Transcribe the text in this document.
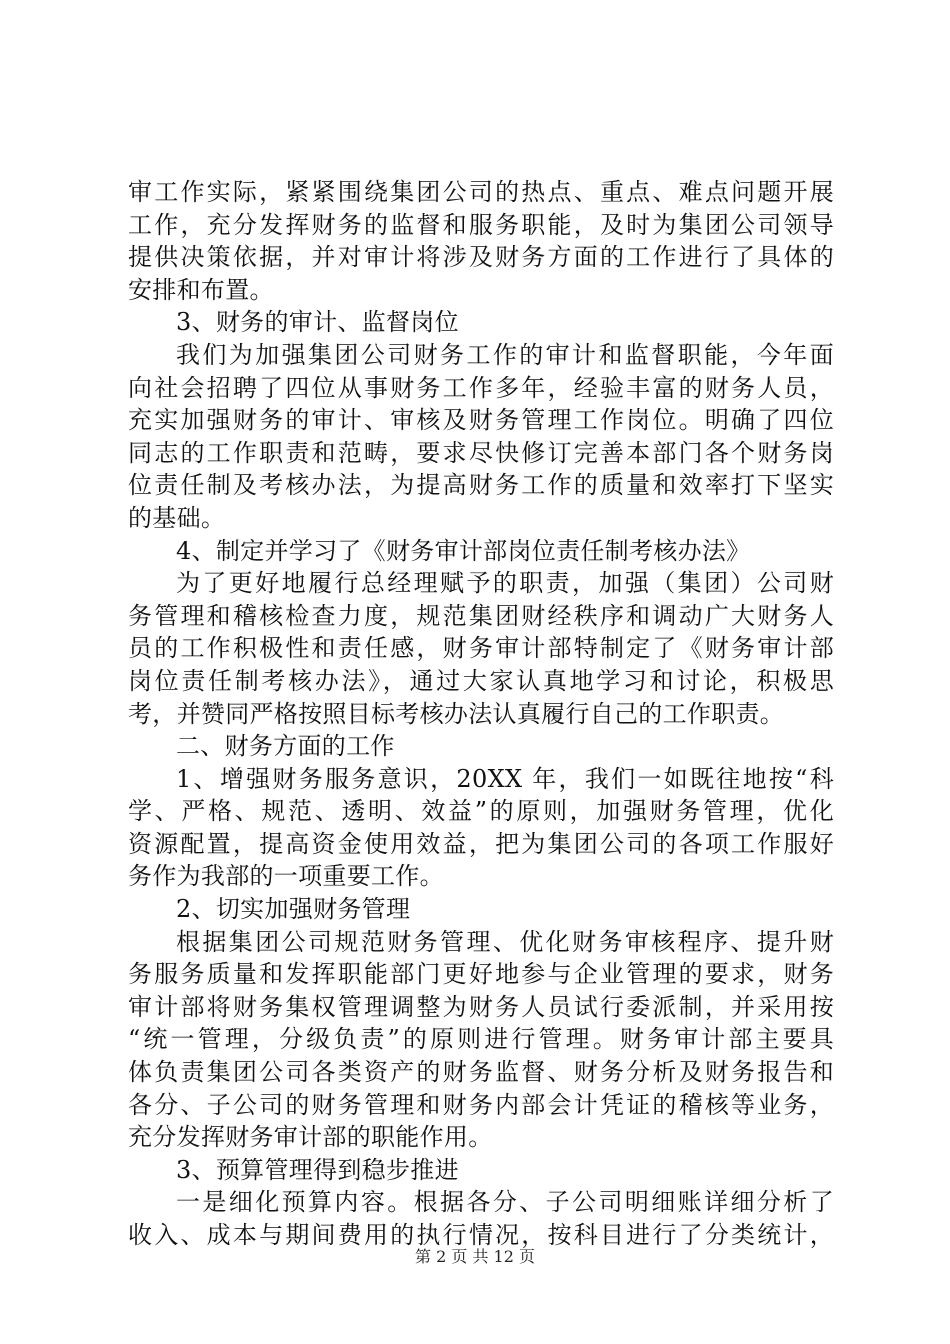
审工作实际，紧紧围绕集团公司的热点、重点、难点问题开展
工作，充分发挥财务的监督和服务职能，及时为集团公司领导
提供决策依据，并对审计将涉及财务方面的工作进行了具体的
安排和布置。
3、财务的审计、监督岗位
我们为加强集团公司财务工作的审计和监督职能，今年面
向社会招聘了四位从事财务工作多年，经验丰富的财务人员，
充实加强财务的审计、审核及财务管理工作岗位。明确了四位
同志的工作职责和范畴，要求尽快修订完善本部门各个财务岗
位责任制及考核办法，为提高财务工作的质量和效率打下坚实
的基础。
4、制定并学习了《财务审计部岗位责任制考核办法》
为了更好地履行总经理赋予的职责，加强（集团）公司财
务管理和稽核检查力度，规范集团财经秩序和调动广大财务人
员的工作积极性和责任感，财务审计部特制定了《财务审计部
岗位责任制考核办法》，通过大家认真地学习和讨论，积极思
考，并赞同严格按照目标考核办法认真履行自己的工作职责。
二、财务方面的工作
1、增强财务服务意识，20XX 年，我们一如既往地按“科
学、严格、规范、透明、效益”的原则，加强财务管理，优化
资源配置，提高资金使用效益，把为集团公司的各项工作服好
务作为我部的一项重要工作。
2、切实加强财务管理
根据集团公司规范财务管理、优化财务审核程序、提升财
务服务质量和发挥职能部门更好地参与企业管理的要求，财务
审计部将财务集权管理调整为财务人员试行委派制，并采用按
“统一管理，分级负责”的原则进行管理。财务审计部主要具
体负责集团公司各类资产的财务监督、财务分析及财务报告和
各分、子公司的财务管理和财务内部会计凭证的稽核等业务，
充分发挥财务审计部的职能作用。
3、预算管理得到稳步推进
一是细化预算内容。根据各分、子公司明细账详细分析了
收入、成本与期间费用的执行情况，按科目进行了分类统计，
第 2 页 共 12 页
